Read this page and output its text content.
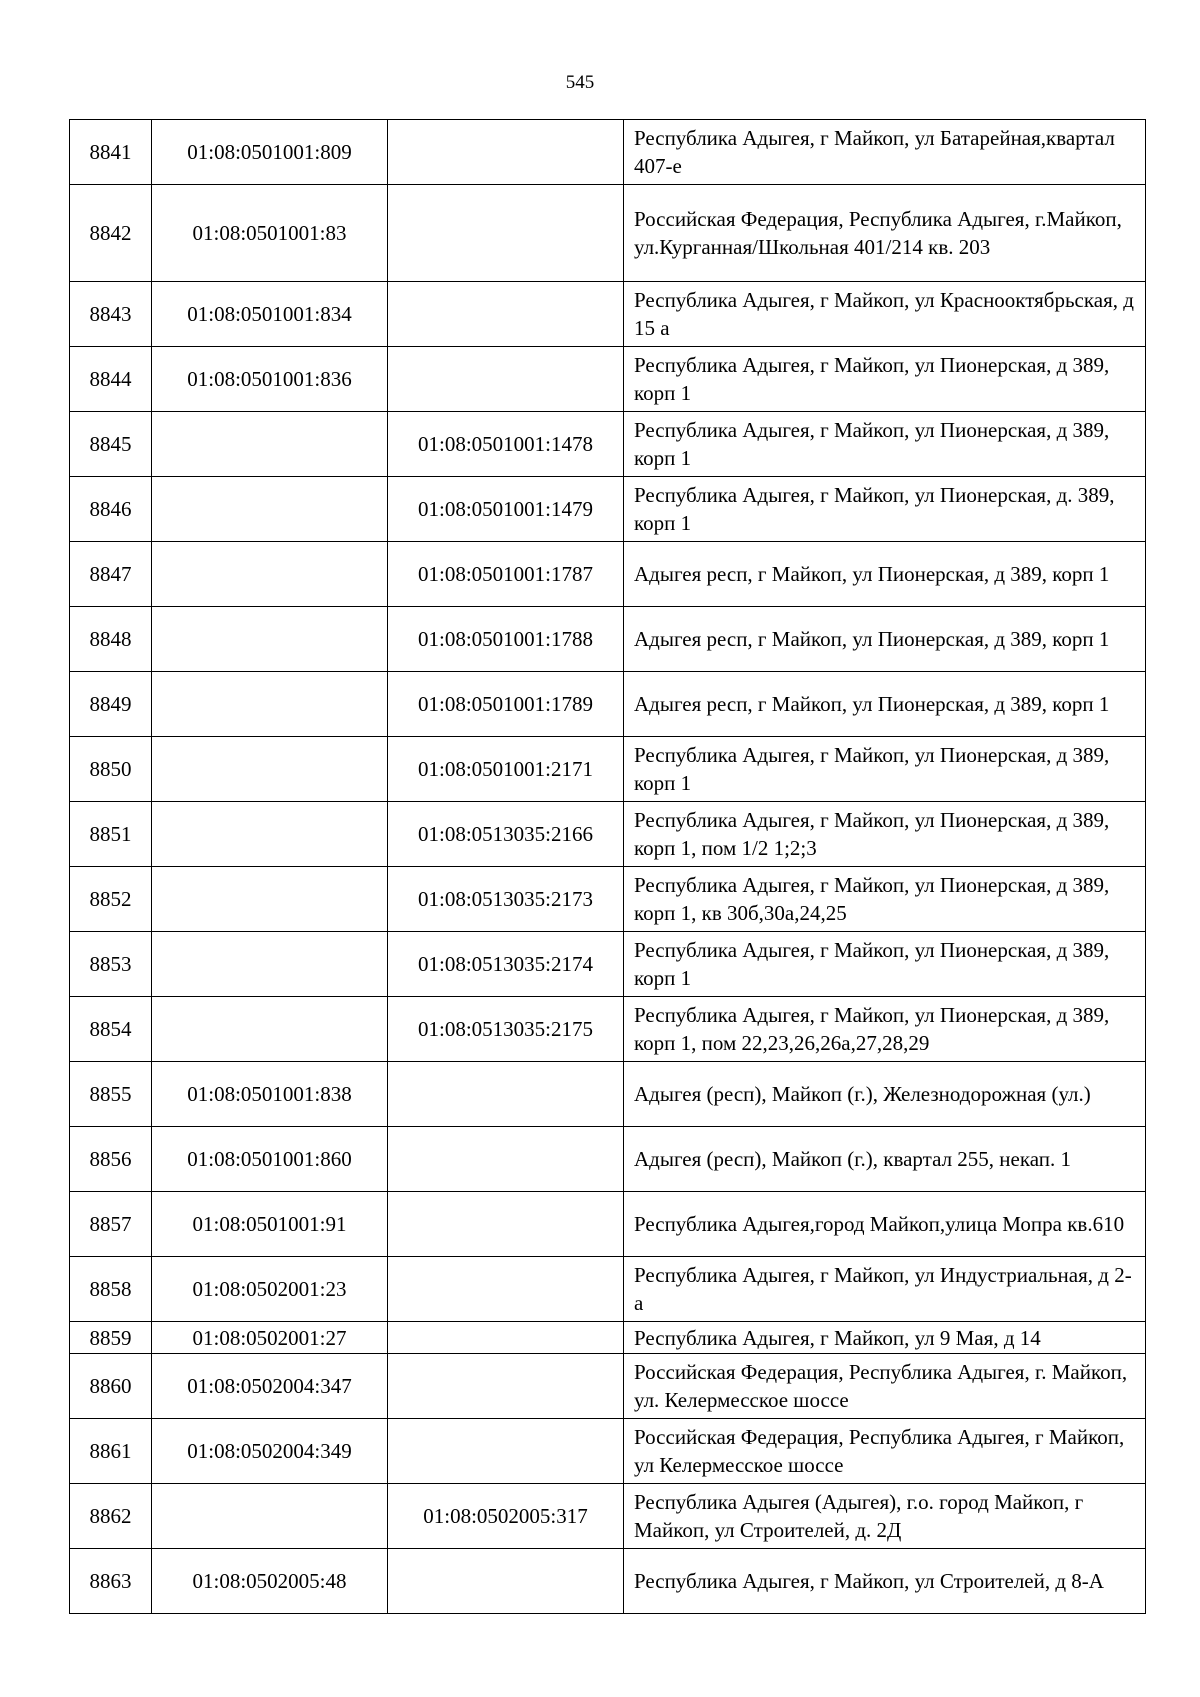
545
8841	01:08:0501001:809		Республика Адыгея, г Майкоп, ул Батарейная,квартал 407-е
8842	01:08:0501001:83		Российская Федерация, Республика Адыгея, г.Майкоп, ул.Курганная/Школьная 401/214 кв. 203
8843	01:08:0501001:834		Республика Адыгея, г Майкоп, ул Краснооктябрьская, д 15 а
8844	01:08:0501001:836		Республика Адыгея, г Майкоп, ул Пионерская, д 389, корп 1
8845		01:08:0501001:1478	Республика Адыгея, г Майкоп, ул Пионерская, д 389, корп 1
8846		01:08:0501001:1479	Республика Адыгея, г Майкоп, ул Пионерская, д. 389, корп 1
8847		01:08:0501001:1787	Адыгея респ, г Майкоп, ул Пионерская, д 389, корп 1
8848		01:08:0501001:1788	Адыгея респ, г Майкоп, ул Пионерская, д 389, корп 1
8849		01:08:0501001:1789	Адыгея респ, г Майкоп, ул Пионерская, д 389, корп 1
8850		01:08:0501001:2171	Республика Адыгея, г Майкоп, ул Пионерская, д 389, корп 1
8851		01:08:0513035:2166	Республика Адыгея, г Майкоп, ул Пионерская, д 389, корп 1, пом 1/2 1;2;3
8852		01:08:0513035:2173	Республика Адыгея, г Майкоп, ул Пионерская, д 389, корп 1, кв 30б,30а,24,25
8853		01:08:0513035:2174	Республика Адыгея, г Майкоп, ул Пионерская, д 389, корп 1
8854		01:08:0513035:2175	Республика Адыгея, г Майкоп, ул Пионерская, д 389, корп 1, пом 22,23,26,26а,27,28,29
8855	01:08:0501001:838		Адыгея (респ), Майкоп (г.), Железнодорожная (ул.)
8856	01:08:0501001:860		Адыгея (респ), Майкоп (г.), квартал 255, некап. 1
8857	01:08:0501001:91		Республика Адыгея,город Майкоп,улица Мопра кв.610
8858	01:08:0502001:23		Республика Адыгея, г Майкоп, ул Индустриальная, д 2-а
8859	01:08:0502001:27		Республика Адыгея, г Майкоп, ул 9 Мая, д 14
8860	01:08:0502004:347		Российская Федерация, Республика Адыгея, г. Майкоп, ул. Келермесское шоссе
8861	01:08:0502004:349		Российская Федерация, Республика Адыгея, г Майкоп, ул Келермесское шоссе
8862		01:08:0502005:317	Республика Адыгея (Адыгея), г.о. город Майкоп, г Майкоп, ул Строителей, д. 2Д
8863	01:08:0502005:48		Республика Адыгея, г Майкоп, ул Строителей, д 8-А
